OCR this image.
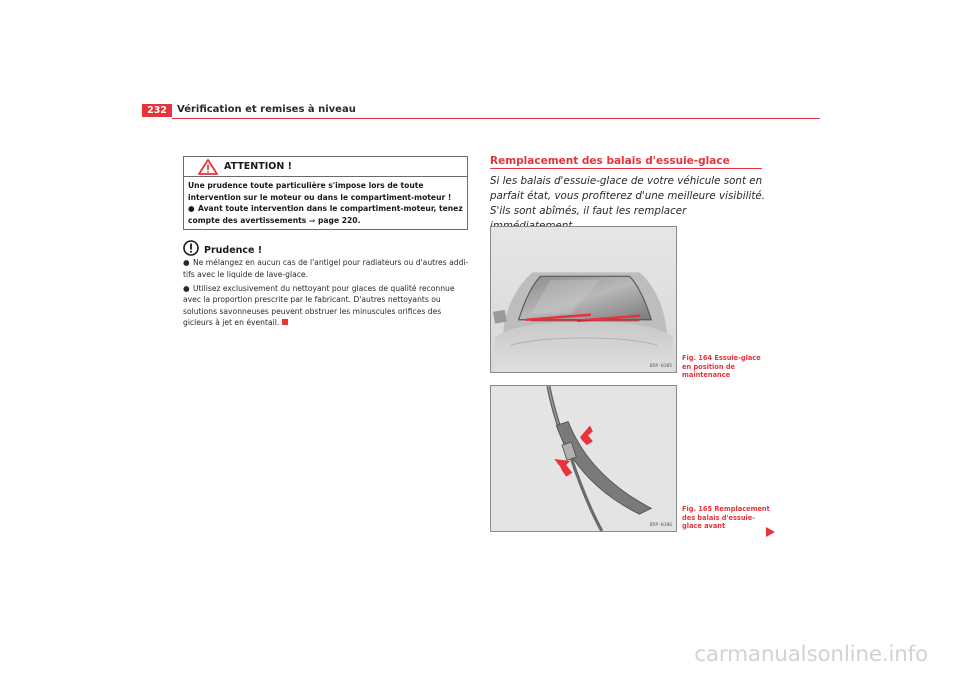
232	Vérification et remises à niveau
ATTENTION !

Une prudence toute particulière s'impose lors de toute intervention sur le moteur ou dans le compartiment-moteur !

● Avant toute intervention dans le compartiment-moteur, tenez compte des avertissements ⇒ page 220.

Prudence !

● Ne mélangez en aucun cas de l'antigel pour radiateurs ou d'autres additifs avec le liquide de lave-glace.

● Utilisez exclusivement du nettoyant pour glaces de qualité reconnue avec la proportion prescrite par le fabricant. D'autres nettoyants ou solutions savonneuses peuvent obstruer les minuscules orifices des gicleurs à jet en éventail.

Remplacement des balais d'essuie-glace
Si les balais d'essuie-glace de votre véhicule sont en parfait état, vous profiterez d'une meilleure visibilité. S'ils sont abîmés, il faut les remplacer
B5P-0105
B5P-0106
Fig. 164 Essuie-glace en position de maintenance
Fig. 165 Remplacement des balais d'essuie-glace avant
carmanualsonline.info
